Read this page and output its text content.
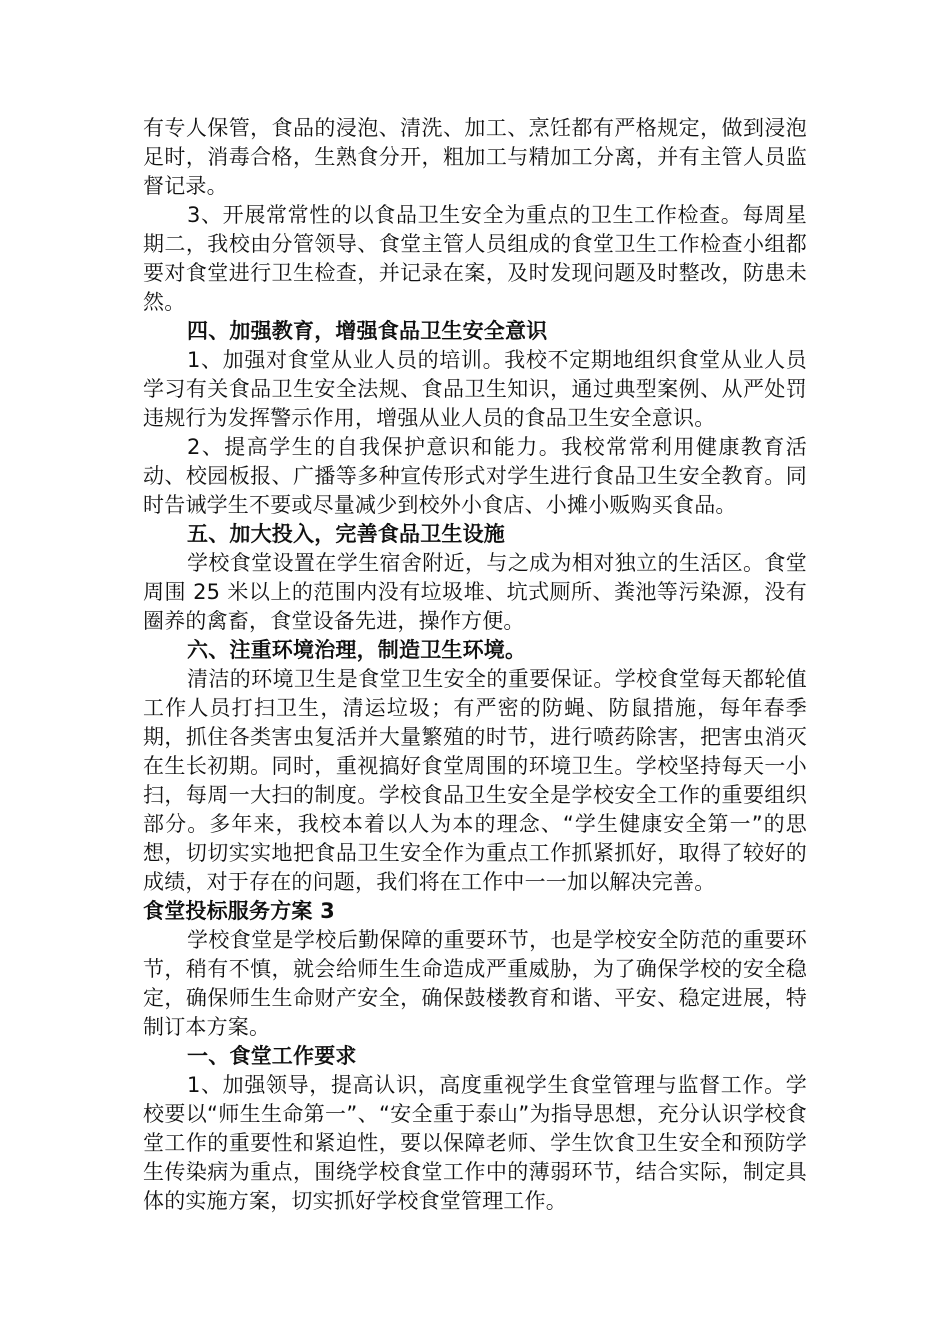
有专人保管，食品的浸泡、清洗、加工、烹饪都有严格规定，做到浸泡足时，消毒合格，生熟食分开，粗加工与精加工分离，并有主管人员监督记录。

3、开展常常性的以食品卫生安全为重点的卫生工作检查。每周星期二，我校由分管领导、食堂主管人员组成的食堂卫生工作检查小组都要对食堂进行卫生检查，并记录在案，及时发现问题及时整改，防患未然。

四、加强教育，增强食品卫生安全意识

1、加强对食堂从业人员的培训。我校不定期地组织食堂从业人员学习有关食品卫生安全法规、食品卫生知识，通过典型案例、从严处罚违规行为发挥警示作用，增强从业人员的食品卫生安全意识。

2、提高学生的自我保护意识和能力。我校常常利用健康教育活动、校园板报、广播等多种宣传形式对学生进行食品卫生安全教育。同时告诫学生不要或尽量减少到校外小食店、小摊小贩购买食品。

五、加大投入，完善食品卫生设施

学校食堂设置在学生宿舍附近，与之成为相对独立的生活区。食堂周围 25 米以上的范围内没有垃圾堆、坑式厕所、粪池等污染源，没有圈养的禽畜，食堂设备先进，操作方便。

六、注重环境治理，制造卫生环境。

清洁的环境卫生是食堂卫生安全的重要保证。学校食堂每天都轮值工作人员打扫卫生，清运垃圾；有严密的防蝇、防鼠措施，每年春季期，抓住各类害虫复活并大量繁殖的时节，进行喷药除害，把害虫消灭在生长初期。同时，重视搞好食堂周围的环境卫生。学校坚持每天一小扫，每周一大扫的制度。学校食品卫生安全是学校安全工作的重要组织部分。多年来，我校本着以人为本的理念、“学生健康安全第一”的思想，切切实实地把食品卫生安全作为重点工作抓紧抓好，取得了较好的成绩，对于存在的问题，我们将在工作中一一加以解决完善。

食堂投标服务方案 3

学校食堂是学校后勤保障的重要环节，也是学校安全防范的重要环节，稍有不慎，就会给师生生命造成严重威胁，为了确保学校的安全稳定，确保师生生命财产安全，确保鼓楼教育和谐、平安、稳定进展，特制订本方案。

一、食堂工作要求

1、加强领导，提高认识，高度重视学生食堂管理与监督工作。学校要以“师生生命第一”、“安全重于泰山”为指导思想，充分认识学校食堂工作的重要性和紧迫性，要以保障老师、学生饮食卫生安全和预防学生传染病为重点，围绕学校食堂工作中的薄弱环节，结合实际，制定具体的实施方案，切实抓好学校食堂管理工作。
